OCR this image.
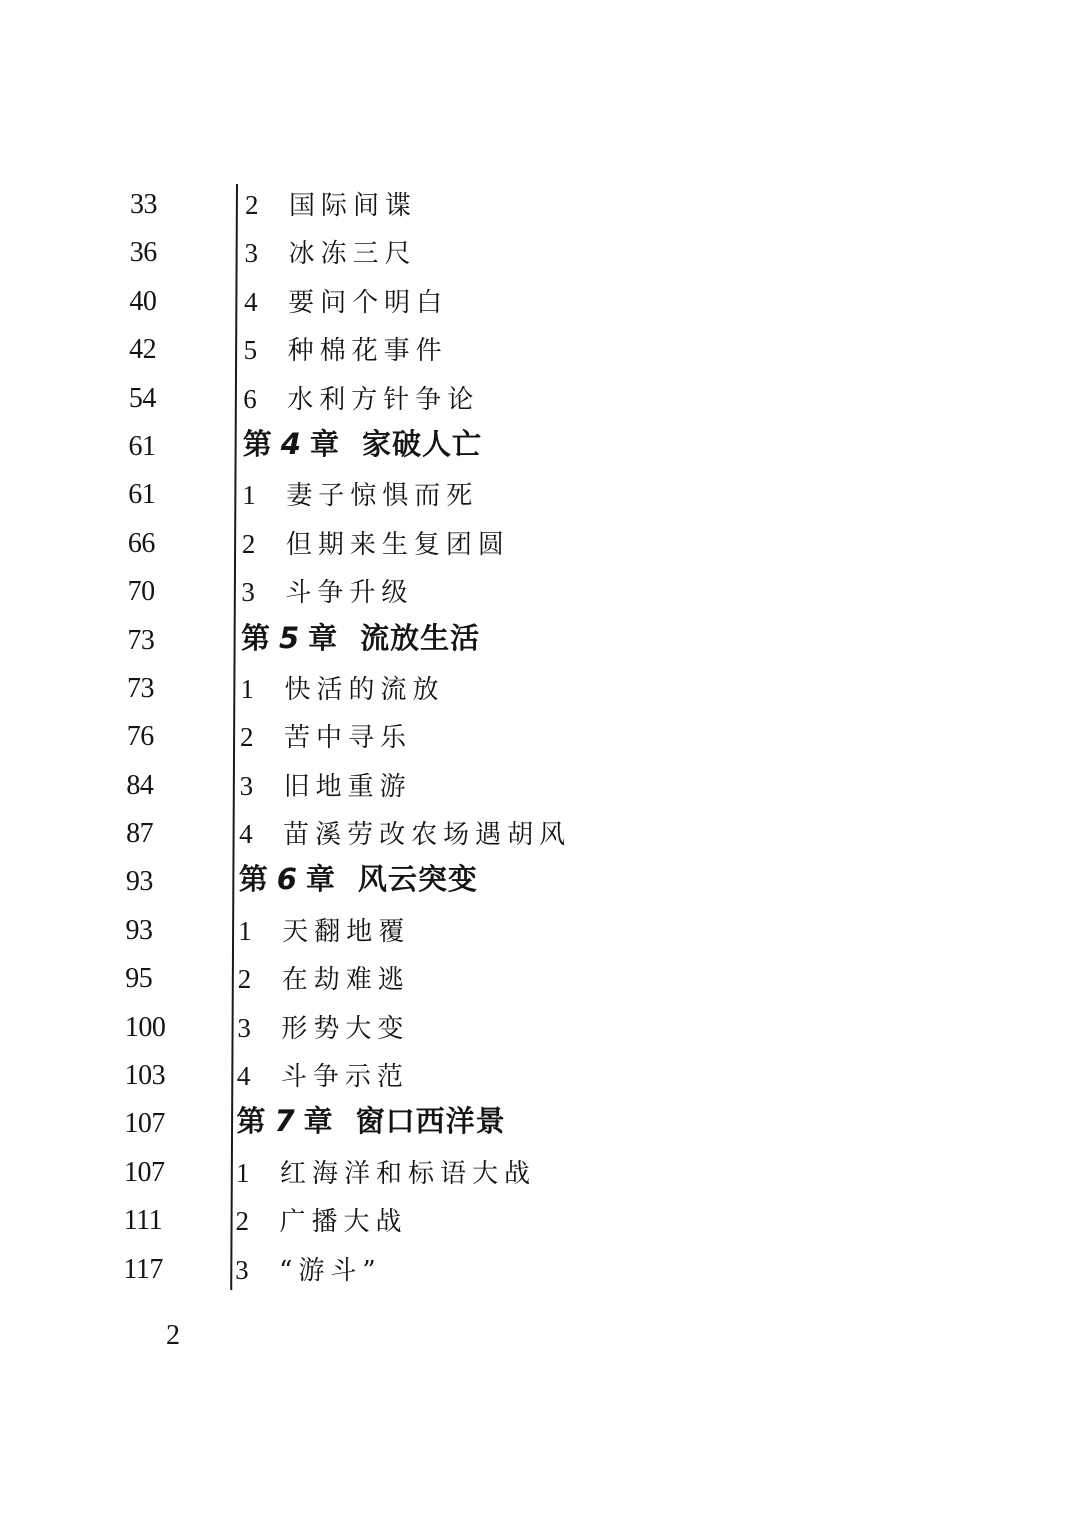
33	2 国际间谍
36	3 冰冻三尺
40	4 要问个明白
42	5 种棉花事件
54	6 水利方针争论
61	第 4 章 家破人亡
61	1 妻子惊惧而死
66	2 但期来生复团圆
70	3 斗争升级
73	第 5 章 流放生活
73	1 快活的流放
76	2 苦中寻乐
84	3 旧地重游
87	4 苗溪劳改农场遇胡风
93	第 6 章 风云突变
93	1 天翻地覆
95	2 在劫难逃
100	3 形势大变
103	4 斗争示范
107	第 7 章 窗口西洋景
107	1 红海洋和标语大战
111	2 广播大战
117	3 “游斗”
2
